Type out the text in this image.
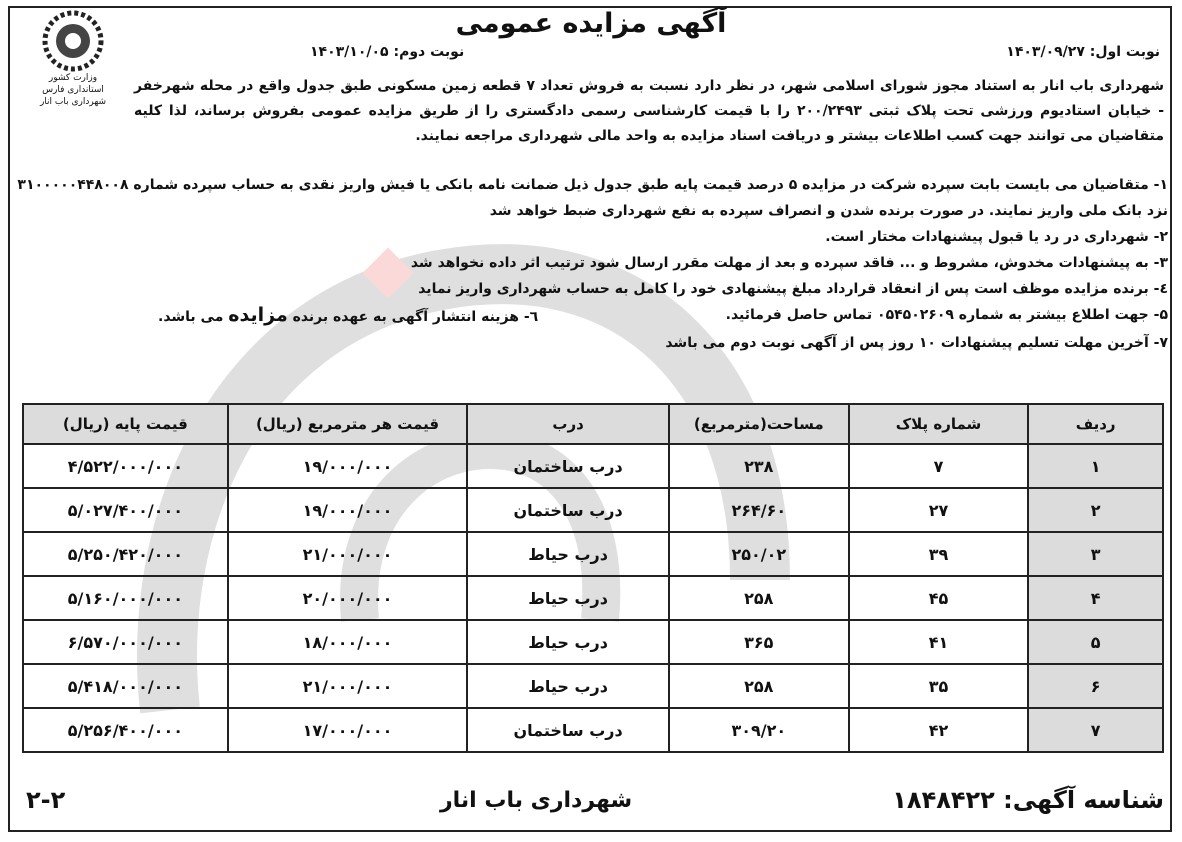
وزارت کشور
استانداری فارس
شهرداری باب انار
آگهی مزایده عمومی
نوبت اول: ۱۴۰۳/۰۹/۲۷
نوبت دوم: ۱۴۰۳/۱۰/۰۵
شهرداری باب انار به استناد مجوز شورای اسلامی شهر، در نظر دارد نسبت به فروش تعداد ۷ قطعه زمین مسکونی طبق جدول واقع در محله شهرخفر - خیابان استادیوم ورزشی تحت پلاک ثبتی ۲۰۰/۲۴۹۳ را با قیمت کارشناسی رسمی دادگستری را از طریق مزایده عمومی بفروش برساند، لذا کلیه متقاضیان می توانند جهت کسب اطلاعات بیشتر و دریافت اسناد مزایده به واحد مالی شهرداری مراجعه نمایند.
۱- متقاضیان می بایست بابت سپرده شرکت در مزایده ۵ درصد قیمت پایه طبق جدول ذیل ضمانت نامه بانکی یا فیش واریز نقدی به حساب سپرده شماره ۳۱۰۰۰۰۰۴۴۸۰۰۸
نزد بانک ملی واریز نمایند. در صورت برنده شدن و انصراف سپرده به نفع شهرداری ضبط خواهد شد
۲- شهرداری در رد یا قبول پیشنهادات مختار است.
۳- به پیشنهادات مخدوش، مشروط و ... فاقد سپرده و بعد از مهلت مقرر ارسال شود ترتیب اثر داده نخواهد شد
٤- برنده مزایده موظف است پس از انعقاد قرارداد مبلغ پیشنهادی خود را کامل به حساب شهرداری واریز نماید
۵- جهت اطلاع بیشتر به شماره ۰۵۴۵۰۲۶۰۹ تماس حاصل فرمائید.
٦- هزینه انتشار آگهی به عهده برنده مزایده می باشد.
۷- آخرین مهلت تسلیم پیشنهادات ۱۰ روز پس از آگهی نوبت دوم می باشد
ردیف	شماره پلاک	مساحت(مترمربع)	درب	قیمت هر مترمربع (ریال)	قیمت پایه (ریال)
۱	۷	۲۳۸	درب ساختمان	۱۹/۰۰۰/۰۰۰	۴/۵۲۲/۰۰۰/۰۰۰
۲	۲۷	۲۶۴/۶۰	درب ساختمان	۱۹/۰۰۰/۰۰۰	۵/۰۲۷/۴۰۰/۰۰۰
۳	۳۹	۲۵۰/۰۲	درب حیاط	۲۱/۰۰۰/۰۰۰	۵/۲۵۰/۴۲۰/۰۰۰
۴	۴۵	۲۵۸	درب حیاط	۲۰/۰۰۰/۰۰۰	۵/۱۶۰/۰۰۰/۰۰۰
۵	۴۱	۳۶۵	درب حیاط	۱۸/۰۰۰/۰۰۰	۶/۵۷۰/۰۰۰/۰۰۰
۶	۳۵	۲۵۸	درب حیاط	۲۱/۰۰۰/۰۰۰	۵/۴۱۸/۰۰۰/۰۰۰
۷	۴۲	۳۰۹/۲۰	درب ساختمان	۱۷/۰۰۰/۰۰۰	۵/۲۵۶/۴۰۰/۰۰۰
شناسه آگهی: ۱۸۴۸۴۲۲
شهرداری باب انار
۲-۲
